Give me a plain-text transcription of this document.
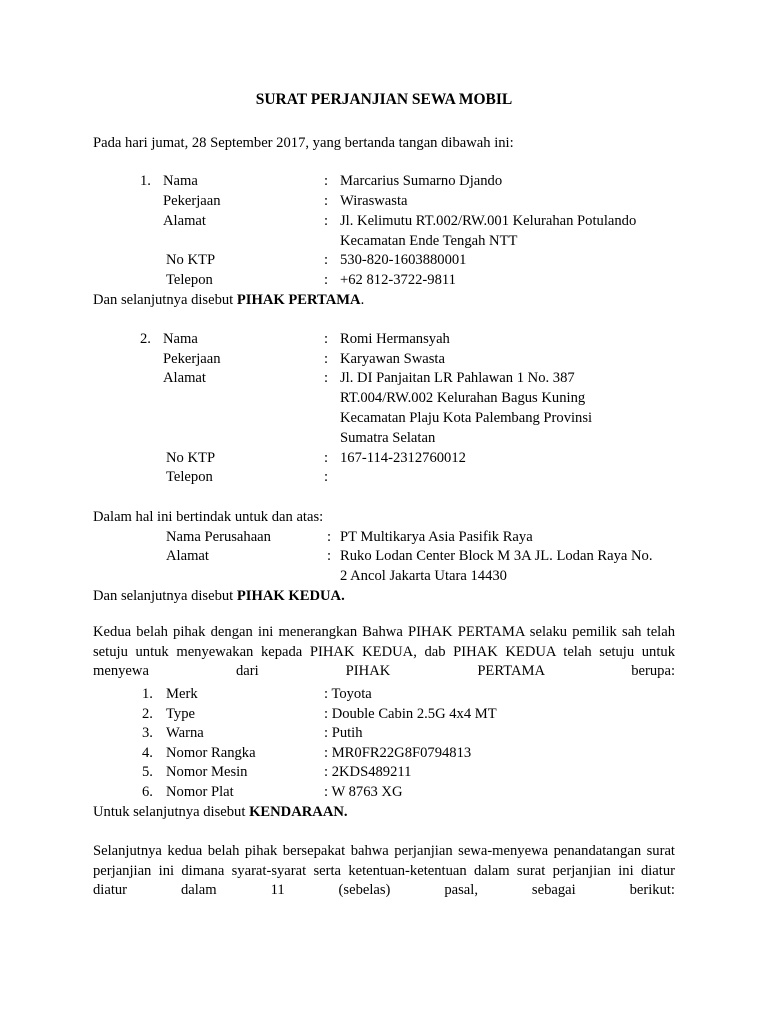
SURAT PERJANJIAN SEWA MOBIL
Pada hari jumat, 28 September 2017, yang bertanda tangan dibawah ini:
1. Nama	: Marcarius Sumarno Djando
Pekerjaan	: Wiraswasta
Alamat	: Jl. Kelimutu RT.002/RW.001 Kelurahan Potulando
Kecamatan Ende Tengah NTT
No KTP	: 530-820-1603880001
Telepon	: +62 812-3722-9811
Dan selanjutnya disebut PIHAK PERTAMA.
2. Nama	: Romi Hermansyah
Pekerjaan	: Karyawan Swasta
Alamat	: Jl. DI Panjaitan LR Pahlawan 1 No. 387
RT.004/RW.002 Kelurahan Bagus Kuning
Kecamatan Plaju Kota Palembang Provinsi
Sumatra Selatan
No KTP	: 167-114-2312760012
Telepon	:
Dalam hal ini bertindak untuk dan atas:
Nama Perusahaan	: PT Multikarya Asia Pasifik Raya
Alamat	: Ruko Lodan Center Block M 3A JL. Lodan Raya No.
2 Ancol Jakarta Utara 14430
Dan selanjutnya disebut PIHAK KEDUA.
Kedua belah pihak dengan ini menerangkan Bahwa PIHAK PERTAMA selaku pemilik sah telah setuju untuk menyewakan kepada PIHAK KEDUA, dab PIHAK KEDUA telah setuju untuk menyewa dari PIHAK PERTAMA berupa:
1. Merk	: Toyota
2. Type	: Double Cabin 2.5G 4x4 MT
3. Warna	: Putih
4. Nomor Rangka	: MR0FR22G8F0794813
5. Nomor Mesin	: 2KDS489211
6. Nomor Plat	: W 8763 XG
Untuk selanjutnya disebut KENDARAAN.
Selanjutnya kedua belah pihak bersepakat bahwa perjanjian sewa-menyewa penandatangan surat perjanjian ini dimana syarat-syarat serta ketentuan-ketentuan dalam surat perjanjian ini diatur diatur dalam 11 (sebelas) pasal, sebagai berikut:
